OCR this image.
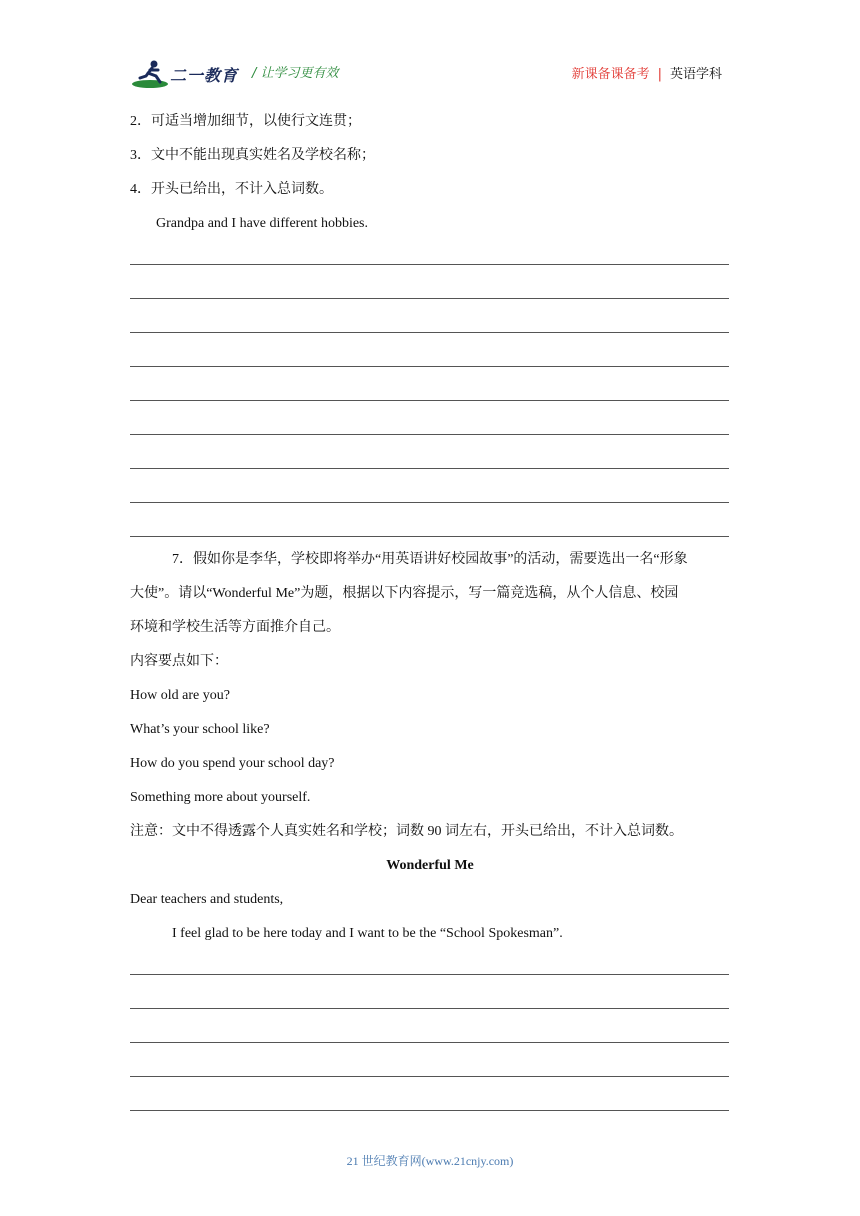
二一教育 / 让学习更有效	新课备课备考 | 英语学科
2．可适当增加细节，以使行文连贯；
3．文中不能出现真实姓名及学校名称；
4．开头已给出，不计入总词数。
Grandpa and I have different hobbies.
7．假如你是李华，学校即将举办“用英语讲好校园故事”的活动，需要选出一名“形象
大使”。请以“Wonderful Me”为题，根据以下内容提示，写一篇竞选稿，从个人信息、校园
环境和学校生活等方面推介自己。
内容要点如下：
How old are you?
What’s your school like?
How do you spend your school day?
Something more about yourself.
注意：文中不得透露个人真实姓名和学校；词数 90 词左右，开头已给出，不计入总词数。
Wonderful Me
Dear teachers and students,
I feel glad to be here today and I want to be the “School Spokesman”.
21 世纪教育网(www.21cnjy.com)
